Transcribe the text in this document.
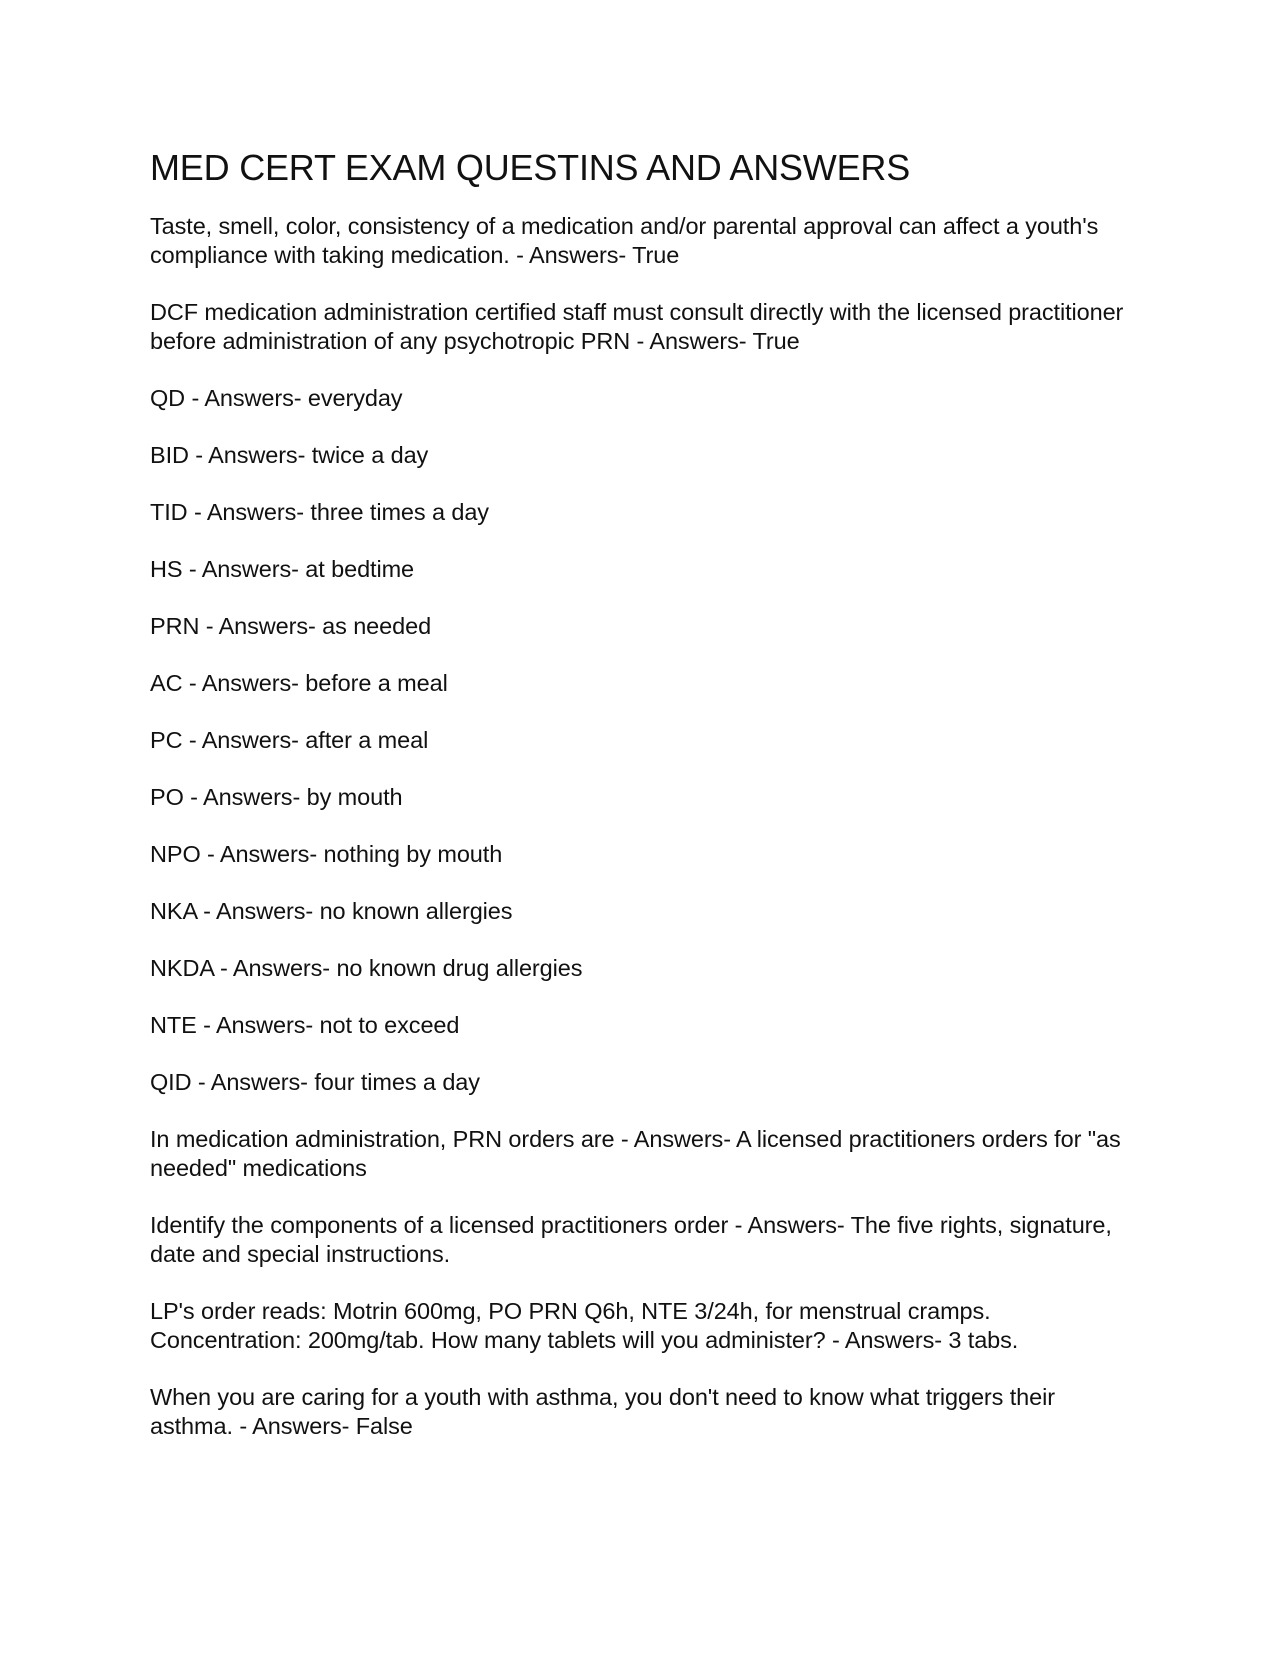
MED CERT EXAM QUESTINS AND ANSWERS

Taste, smell, color, consistency of a medication and/or parental approval can affect a youth's compliance with taking medication. - Answers- True

DCF medication administration certified staff must consult directly with the licensed practitioner before administration of any psychotropic PRN - Answers- True

QD - Answers- everyday

BID - Answers- twice a day

TID - Answers- three times a day

HS - Answers- at bedtime

PRN - Answers- as needed

AC - Answers- before a meal

PC - Answers- after a meal

PO - Answers- by mouth

NPO - Answers- nothing by mouth

NKA - Answers- no known allergies

NKDA - Answers- no known drug allergies

NTE - Answers- not to exceed

QID - Answers- four times a day

In medication administration, PRN orders are - Answers- A licensed practitioners orders for "as needed" medications

Identify the components of a licensed practitioners order - Answers- The five rights, signature, date and special instructions.

LP's order reads: Motrin 600mg, PO PRN Q6h, NTE 3/24h, for menstrual cramps. Concentration: 200mg/tab. How many tablets will you administer? - Answers- 3 tabs.

When you are caring for a youth with asthma, you don't need to know what triggers their asthma. - Answers- False
